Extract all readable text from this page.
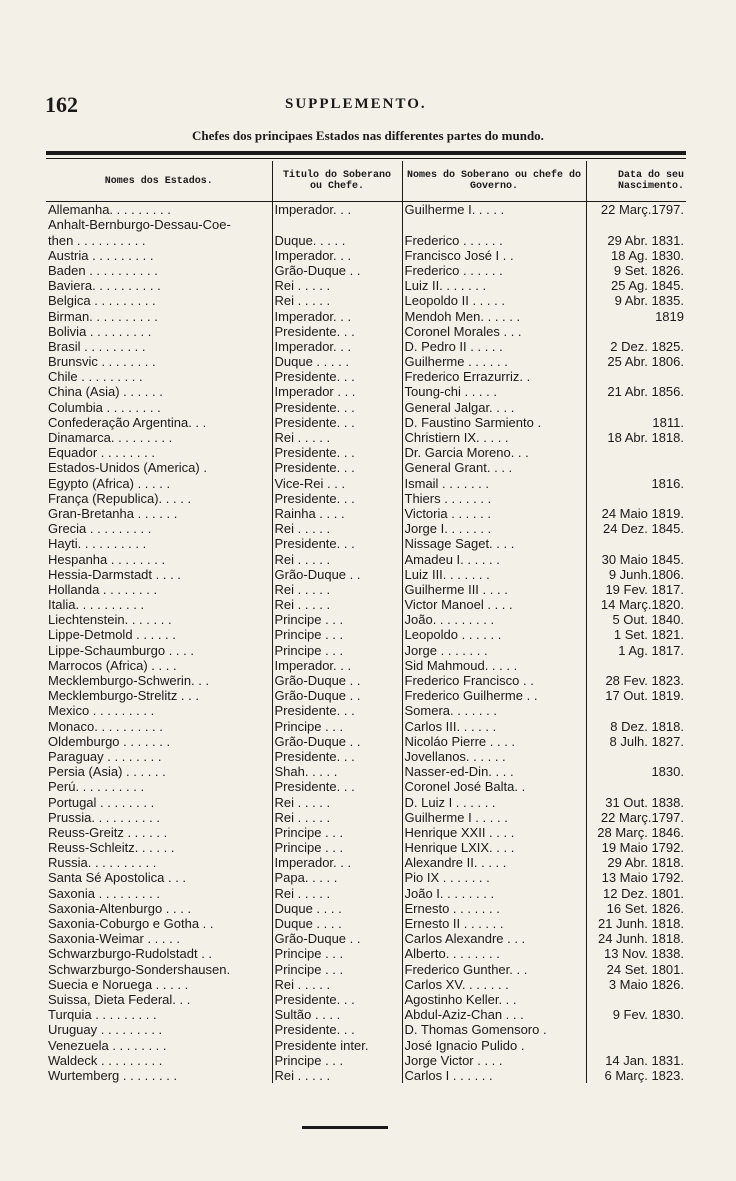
162	SUPPLEMENTO.
Chefes dos principaes Estados nas differentes partes do mundo.
Nomes dos Estados.	Titulo do Soberano ou Chefe.	Nomes do Soberano ou chefe do Governo.	Data do seu Nascimento.
Allemanha. . . . . . . . .	Imperador. . .	Guilherme I. . . . .	22 Març.1797.
Anhalt-Bernburgo-Dessau-Coe-			
then . . . . . . . . . .	Duque. . . . .	Frederico . . . . . .	29 Abr. 1831.
Austria . . . . . . . . .	Imperador. . .	Francisco José I . .	18 Ag. 1830.
Baden . . . . . . . . . .	Grão-Duque . .	Frederico . . . . . .	9 Set. 1826.
Baviera. . . . . . . . . .	Rei . . . . .	Luiz II. . . . . . .	25 Ag. 1845.
Belgica . . . . . . . . .	Rei . . . . .	Leopoldo II . . . . .	9 Abr. 1835.
Birman. . . . . . . . . .	Imperador. . .	Mendoh Men. . . . . .	1819
Bolivia . . . . . . . . .	Presidente. . .	Coronel Morales . . .	
Brasil . . . . . . . . .	Imperador. . .	D. Pedro II . . . . .	2 Dez. 1825.
Brunsvic . . . . . . . .	Duque . . . . .	Guilherme . . . . . .	25 Abr. 1806.
Chile . . . . . . . . .	Presidente. . .	Frederico Errazurriz. .	
China (Asia) . . . . . .	Imperador . . .	Toung-chi . . . . .	21 Abr. 1856.
Columbia . . . . . . . .	Presidente. . .	General Jalgar. . . .	
Confederação Argentina. . .	Presidente. . .	D. Faustino Sarmiento .	1811.
Dinamarca. . . . . . . . .	Rei . . . . .	Christiern IX. . . . .	18 Abr. 1818.
Equador . . . . . . . .	Presidente. . .	Dr. Garcia Moreno. . .	
Estados-Unidos (America) .	Presidente. . .	General Grant. . . .	
Egypto (Africa) . . . . .	Vice-Rei . . .	Ismail . . . . . . .	1816.
França (Republica). . . . .	Presidente. . .	Thiers . . . . . . .	
Gran-Bretanha . . . . . .	Rainha . . . .	Victoria . . . . . .	24 Maio 1819.
Grecia . . . . . . . . .	Rei . . . . .	Jorge I. . . . . . .	24 Dez. 1845.
Hayti. . . . . . . . . .	Presidente. . .	Nissage Saget. . . .	
Hespanha . . . . . . . .	Rei . . . . .	Amadeu I. . . . . .	30 Maio 1845.
Hessia-Darmstadt . . . .	Grão-Duque . .	Luiz III. . . . . . .	9 Junh.1806.
Hollanda . . . . . . . .	Rei . . . . .	Guilherme III . . . .	19 Fev. 1817.
Italia. . . . . . . . . .	Rei . . . . .	Victor Manoel . . . .	14 Març.1820.
Liechtenstein. . . . . . .	Principe . . .	João. . . . . . . . .	5 Out. 1840.
Lippe-Detmold . . . . . .	Principe . . .	Leopoldo . . . . . .	1 Set. 1821.
Lippe-Schaumburgo . . . .	Principe . . .	Jorge . . . . . . .	1 Ag. 1817.
Marrocos (Africa) . . . .	Imperador. . .	Sid Mahmoud. . . . .	
Mecklemburgo-Schwerin. . .	Grão-Duque . .	Frederico Francisco . .	28 Fev. 1823.
Mecklemburgo-Strelitz . . .	Grão-Duque . .	Frederico Guilherme . .	17 Out. 1819.
Mexico . . . . . . . . .	Presidente. . .	Somera. . . . . . .	
Monaco. . . . . . . . . .	Principe . . .	Carlos III. . . . . .	8 Dez. 1818.
Oldemburgo . . . . . . .	Grão-Duque . .	Nicoláo Pierre . . . .	8 Julh. 1827.
Paraguay . . . . . . . .	Presidente. . .	Jovellanos. . . . . .	
Persia (Asia) . . . . . .	Shah. . . . .	Nasser-ed-Din. . . .	1830.
Perú. . . . . . . . . .	Presidente. . .	Coronel José Balta. .	
Portugal . . . . . . . .	Rei . . . . .	D. Luiz I . . . . . .	31 Out. 1838.
Prussia. . . . . . . . . .	Rei . . . . .	Guilherme I . . . . .	22 Març.1797.
Reuss-Greitz . . . . . .	Principe . . .	Henrique XXII . . . .	28 Març. 1846.
Reuss-Schleitz. . . . . .	Principe . . .	Henrique LXIX. . . .	19 Maio 1792.
Russia. . . . . . . . . .	Imperador. . .	Alexandre II. . . . .	29 Abr. 1818.
Santa Sé Apostolica . . .	Papa. . . . .	Pio IX . . . . . . .	13 Maio 1792.
Saxonia . . . . . . . . .	Rei . . . . .	João I. . . . . . . .	12 Dez. 1801.
Saxonia-Altenburgo . . . .	Duque . . . .	Ernesto . . . . . . .	16 Set. 1826.
Saxonia-Coburgo e Gotha . .	Duque . . . .	Ernesto II . . . . . .	21 Junh. 1818.
Saxonia-Weimar . . . . .	Grão-Duque . .	Carlos Alexandre . . .	24 Junh. 1818.
Schwarzburgo-Rudolstadt . .	Principe . . .	Alberto. . . . . . . .	13 Nov. 1838.
Schwarzburgo-Sondershausen.	Principe . . .	Frederico Gunther. . .	24 Set. 1801.
Suecia e Noruega . . . . .	Rei . . . . .	Carlos XV. . . . . . .	3 Maio 1826.
Suissa, Dieta Federal. . .	Presidente. . .	Agostinho Keller. . .	
Turquia . . . . . . . . .	Sultão . . . .	Abdul-Aziz-Chan . . .	9 Fev. 1830.
Uruguay . . . . . . . . .	Presidente. . .	D. Thomas Gomensoro .	
Venezuela . . . . . . . .	Presidente inter.	José Ignacio Pulido .	
Waldeck . . . . . . . . .	Principe . . .	Jorge Victor . . . .	14 Jan. 1831.
Wurtemberg . . . . . . . .	Rei . . . . .	Carlos I . . . . . .	6 Març. 1823.
